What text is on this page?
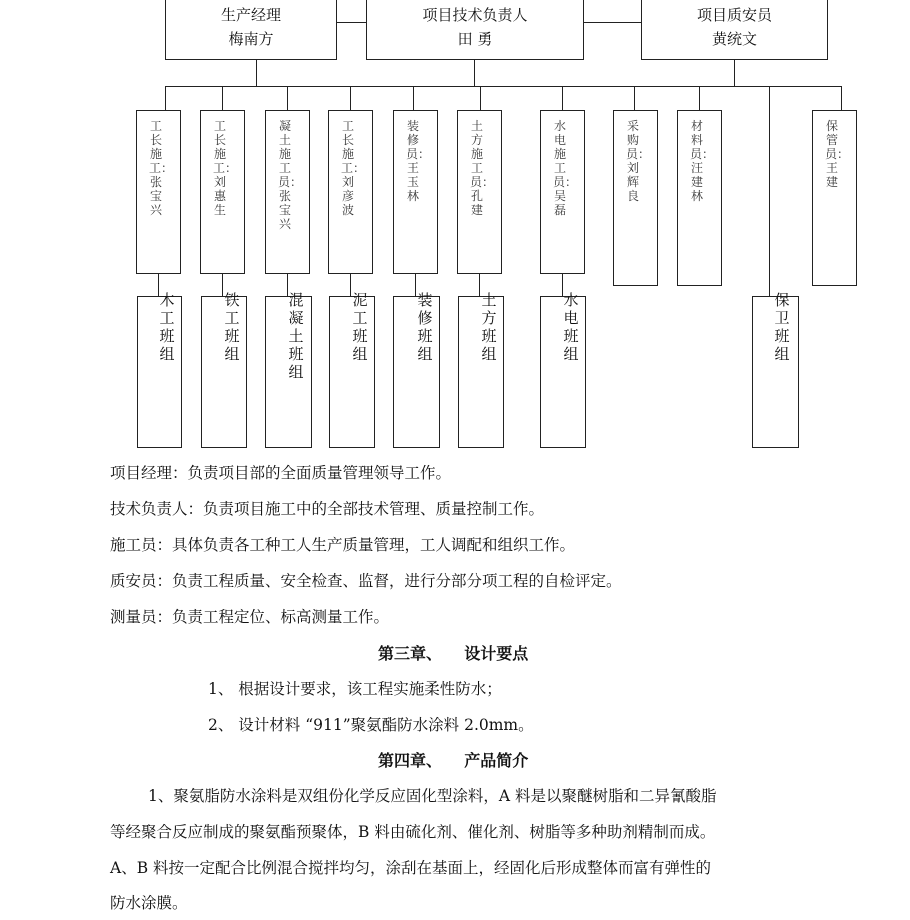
生产经理
梅南方
项目技术负责人
田 勇
项目质安员
黄统文
工长施工：张宝兴
工长施工：刘惠生
凝土施工员：张宝兴
工长施工：刘彦波
装修员：王玉林
土方施工员：孔建
水电施工员：吴磊
采购员：刘辉良
材料员：汪建林
保管员：王建
木工班组
铁工班组
混凝土班组
泥工班组
装修班组
土方班组
水电班组
保卫班组
项目经理：负责项目部的全面质量管理领导工作。
技术负责人：负责项目施工中的全部技术管理、质量控制工作。
施工员：具体负责各工种工人生产质量管理，工人调配和组织工作。
质安员：负责工程质量、安全检查、监督，进行分部分项工程的自检评定。
测量员：负责工程定位、标高测量工作。
第三章、    设计要点
1、 根据设计要求，该工程实施柔性防水；
2、 设计材料 “911”聚氨酯防水涂料 2.0mm。
第四章、    产品简介
1、聚氨脂防水涂料是双组份化学反应固化型涂料，A 料是以聚醚树脂和二异氰酸脂
等经聚合反应制成的聚氨酯预聚体，B 料由硫化剂、催化剂、树脂等多种助剂精制而成。
A、B 料按一定配合比例混合搅拌均匀，涂刮在基面上，经固化后形成整体而富有弹性的
防水涂膜。
